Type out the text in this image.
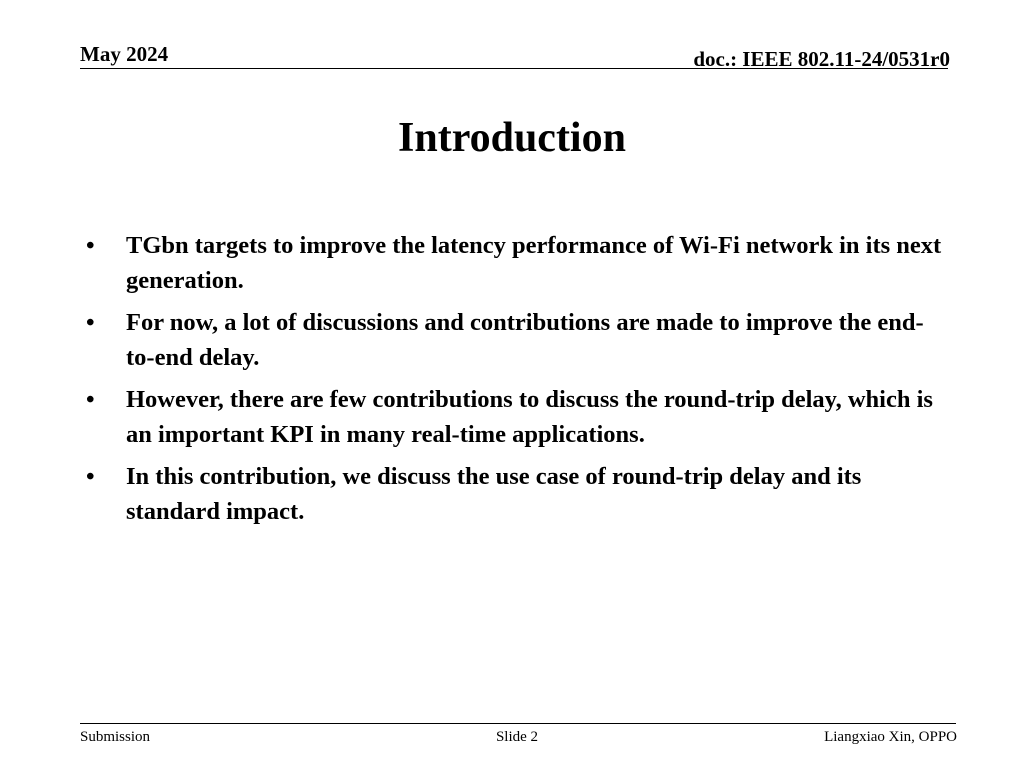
May 2024	doc.: IEEE 802.11-24/0531r0
Introduction
• TGbn targets to improve the latency performance of Wi-Fi network in its next generation.
• For now, a lot of discussions and contributions are made to improve the end-to-end delay.
• However, there are few contributions to discuss the round-trip delay, which is an important KPI in many real-time applications.
• In this contribution, we discuss the use case of round-trip delay and its standard impact.
Submission	Slide 2	Liangxiao Xin, OPPO
